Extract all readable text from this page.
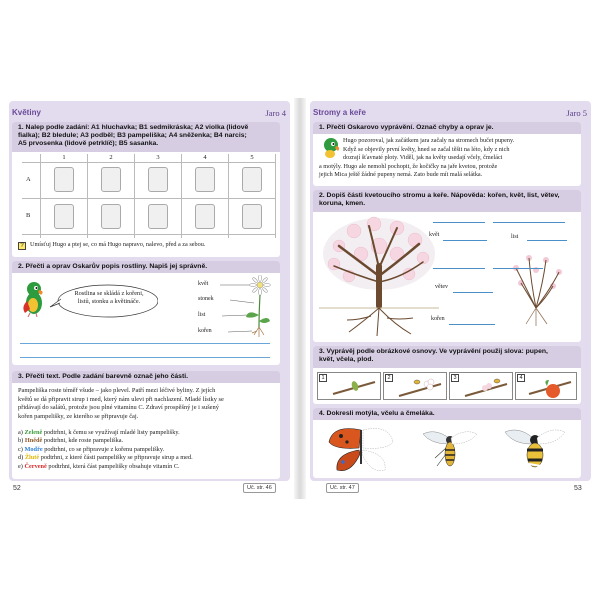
Květiny	Jaro 4
1. Nalep podle zadání: A1 hluchavka; B1 sedmikráska; A2 violka (lidově
fialka); B2 bledule; A3 podběl; B3 pampeliška; A4 sněženka; B4 narcis;
A5 prvosenka (lidově petrklíč); B5 sasanka.
1	2	3	4	5
A
B
?	Umísťuj Hugo a ptej se, co má Hugo napravo, nalevo, před a za sebou.
2. Přečti a oprav Oskarův popis rostliny. Napiš jej správně.
Rostlina se skládá z kořeni,
listů, stonku a květináče.
květ
stonek
list
kořen
3. Přečti text. Podle zadání barevně označ jeho části.
Pampeliška roste téměř všude – jako plevel. Patří mezi léčivé byliny. Z jejích
květů se dá připravit sirup i med, který nám ulevi při nachlazení. Mladé lístky se
přidávají do salátů, protože jsou plné vitamínu C. Zdraví prospěšný je i sušený
kořen pampelišky, ze kterého se připravuje čaj.
a) Zeleně podtrhni, k čemu se využívají mladé listy pampelišky.
b) Hnědě podtrhni, kde roste pampeliška.
c) Modře podtrhni, co se připravuje z kořenu pampelišky.
d) Žlutě podtrhni, z které části pampelišky se připravuje sirup a med.
e) Červeně podtrhni, která část pampelišky obsahuje vitamín C.
52	Uč. str. 46
Stromy a keře	Jaro 5
1. Přečti Oskarovo vyprávění. Označ chyby a oprav je.
Hugo pozoroval, jak začátkem jara začaly na stromech bučet pupeny.
Když se objevily první květy, hned se začal těšit na léto, kdy z nich
dozrají šťavnaté ploty. Viděl, jak na květy usedají včely, čmeláci
a motýly. Hugo ale nemohl pochopit, že kočičky na jaře kvetou, protože
jejich Mica ještě žádné pupeny nemá. Zato bude mít malá selátka.
2. Dopiš části kvetoucího stromu a keře. Nápověda: kořen, květ, list, větev,
koruna, kmen.
květ	list
větev
kořen
3. Vyprávěj podle obrázkové osnovy. Ve vyprávění použij slova: pupen,
květ, včela, plod.
1	2	3	4
4. Dokresli motýla, včelu a čmeláka.
Uč. str. 47	53
